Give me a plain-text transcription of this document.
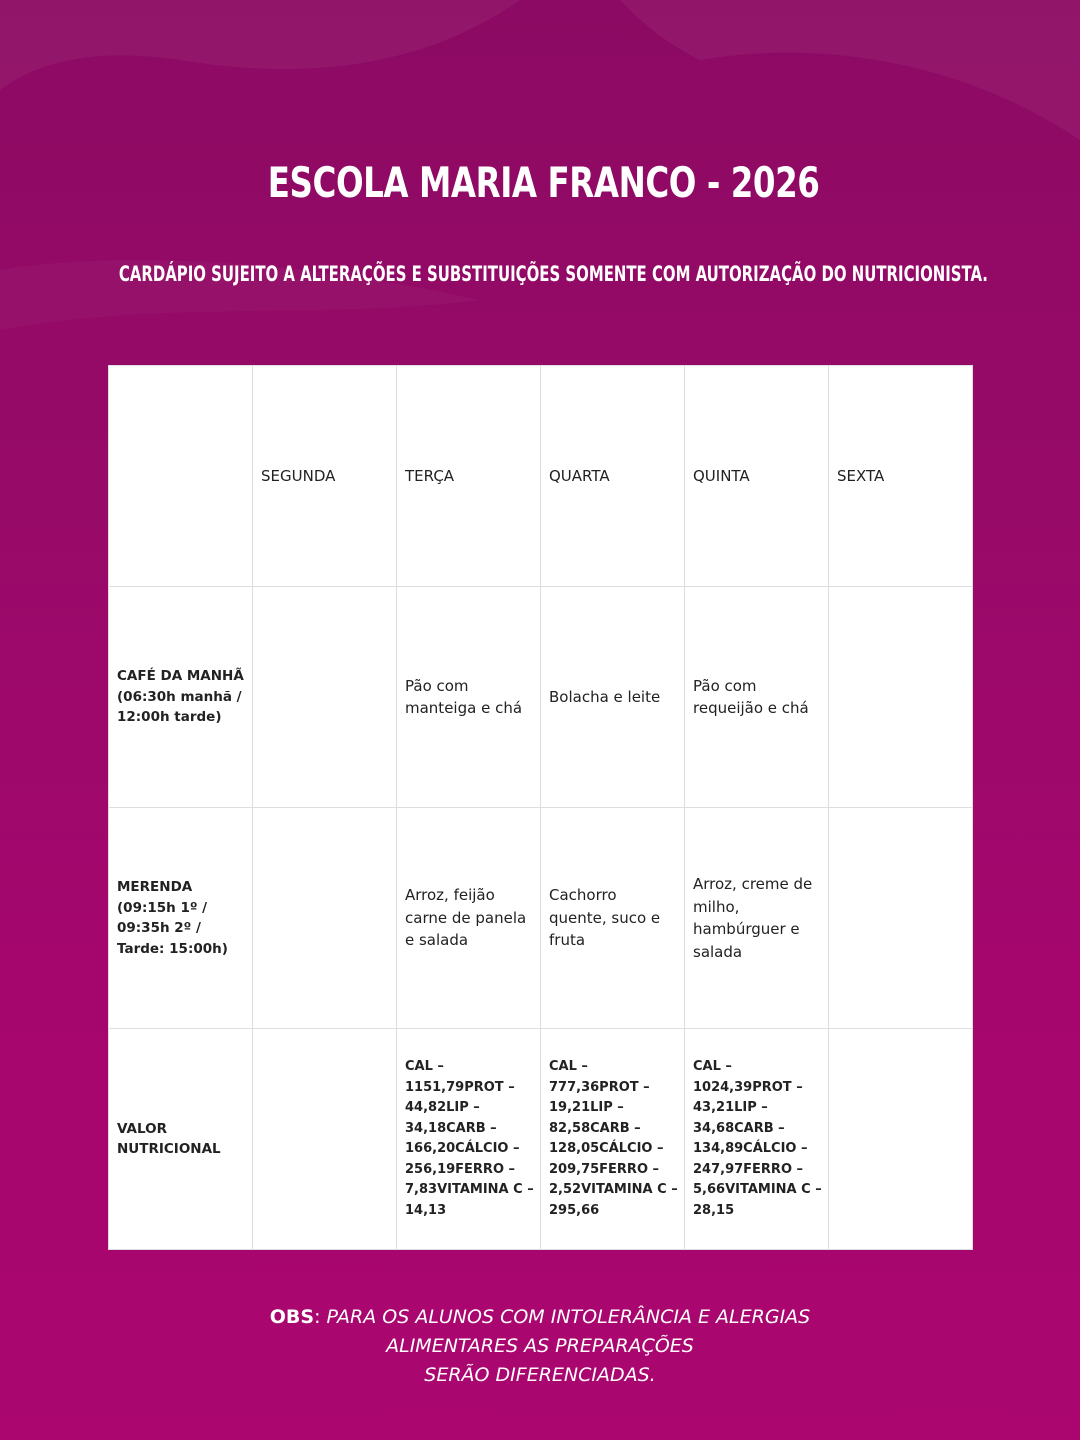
ESCOLA MARIA FRANCO - 2026
CARDÁPIO SUJEITO A ALTERAÇÕES E SUBSTITUIÇÕES SOMENTE COM AUTORIZAÇÃO DO NUTRICIONISTA.
	SEGUNDA	TERÇA	QUARTA	QUINTA	SEXTA
CAFÉ DA MANHÃ (06:30h manhã / 12:00h tarde)		Pão com manteiga e chá	Bolacha e leite	Pão com requeijão e chá	
MERENDA (09:15h 1º / 09:35h 2º / Tarde: 15:00h)		Arroz, feijão carne de panela e salada	Cachorro quente, suco e fruta	Arroz, creme de milho, hambúrguer e salada	
VALOR NUTRICIONAL		CAL – 1151,79PROT – 44,82LIP – 34,18CARB – 166,20CÁLCIO – 256,19FERRO – 7,83VITAMINA C – 14,13	CAL – 777,36PROT – 19,21LIP – 82,58CARB – 128,05CÁLCIO – 209,75FERRO – 2,52VITAMINA C – 295,66	CAL – 1024,39PROT – 43,21LIP – 34,68CARB – 134,89CÁLCIO – 247,97FERRO – 5,66VITAMINA C – 28,15	
OBS: PARA OS ALUNOS COM INTOLERÂNCIA E ALERGIAS
ALIMENTARES AS PREPARAÇÕES
SERÃO DIFERENCIADAS.
